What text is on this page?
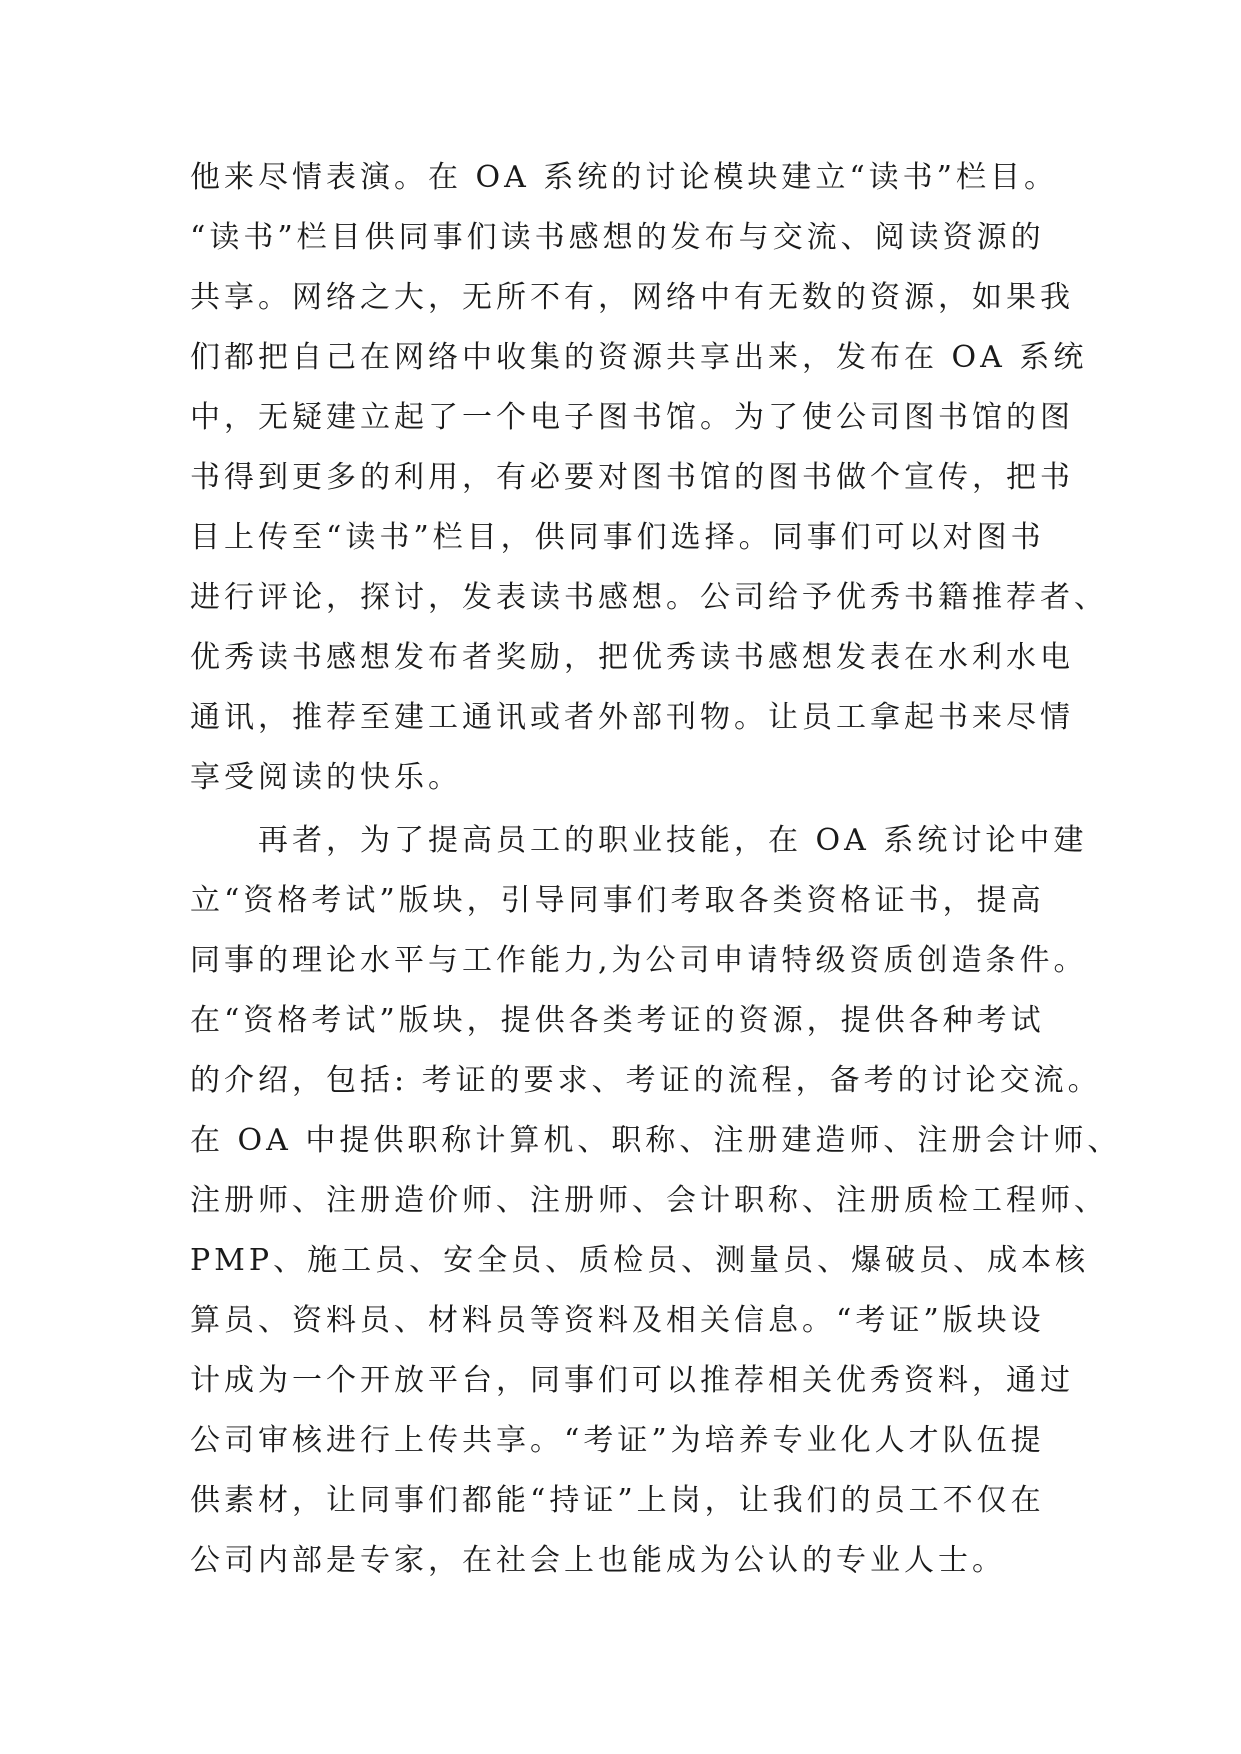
他来尽情表演。在 OA 系统的讨论模块建立“读书”栏目。
“读书”栏目供同事们读书感想的发布与交流、阅读资源的
共享。网络之大，无所不有，网络中有无数的资源，如果我
们都把自己在网络中收集的资源共享出来，发布在 OA 系统
中，无疑建立起了一个电子图书馆。为了使公司图书馆的图
书得到更多的利用，有必要对图书馆的图书做个宣传，把书
目上传至“读书”栏目，供同事们选择。同事们可以对图书
进行评论，探讨，发表读书感想。公司给予优秀书籍推荐者、
优秀读书感想发布者奖励，把优秀读书感想发表在水利水电
通讯，推荐至建工通讯或者外部刊物。让员工拿起书来尽情
享受阅读的快乐。
　　再者，为了提高员工的职业技能，在 OA 系统讨论中建
立“资格考试”版块，引导同事们考取各类资格证书，提高
同事的理论水平与工作能力,为公司申请特级资质创造条件。
在“资格考试”版块，提供各类考证的资源，提供各种考试
的介绍，包括: 考证的要求、考证的流程，备考的讨论交流。
在 OA 中提供职称计算机、职称、注册建造师、注册会计师、
注册师、注册造价师、注册师、会计职称、注册质检工程师、
PMP、施工员、安全员、质检员、测量员、爆破员、成本核
算员、资料员、材料员等资料及相关信息。“考证”版块设
计成为一个开放平台，同事们可以推荐相关优秀资料，通过
公司审核进行上传共享。“考证”为培养专业化人才队伍提
供素材，让同事们都能“持证”上岗，让我们的员工不仅在
公司内部是专家，在社会上也能成为公认的专业人士。
